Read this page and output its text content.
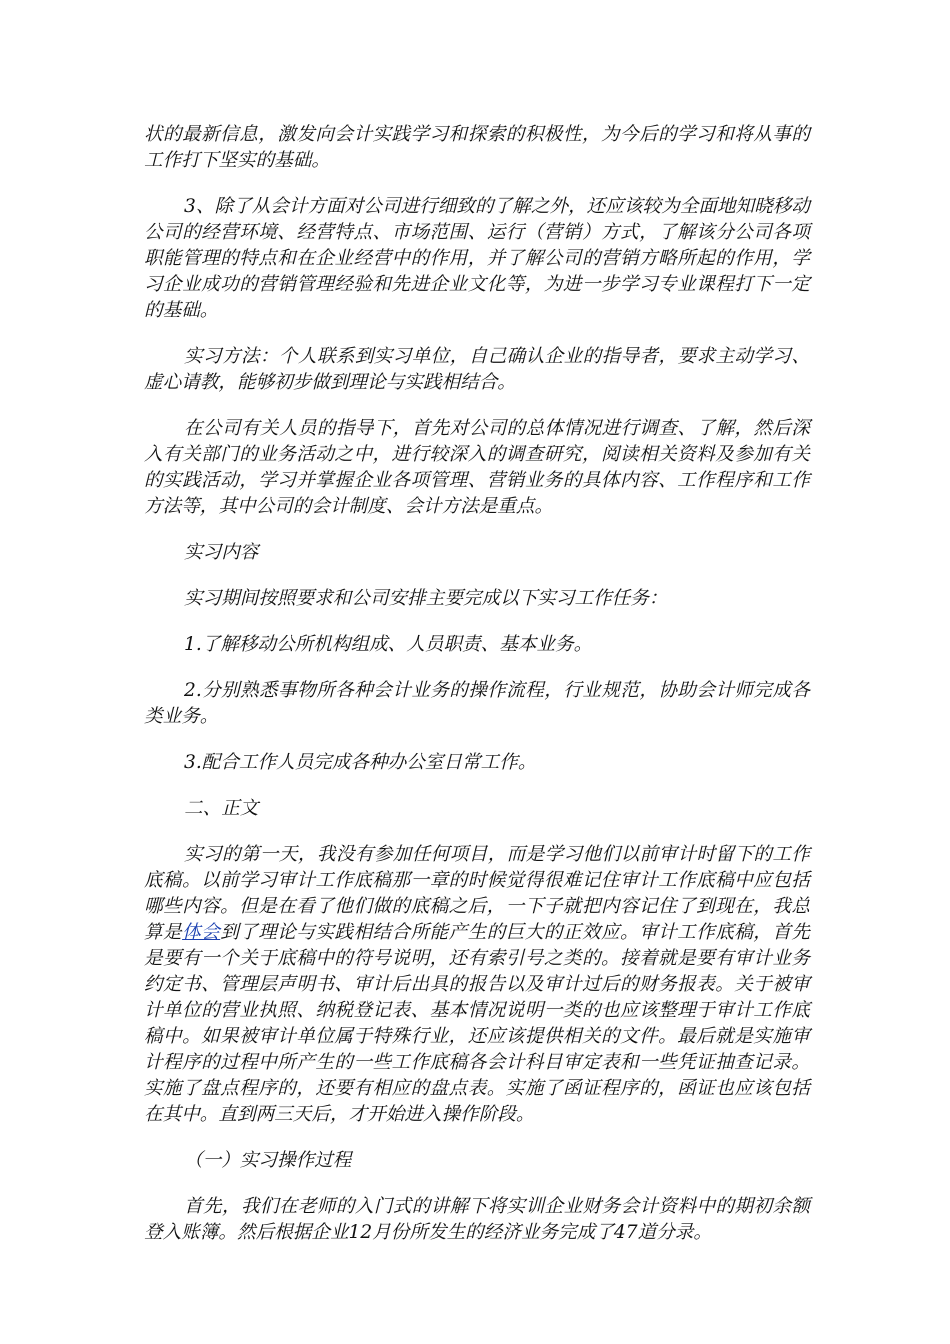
状的最新信息，激发向会计实践学习和探索的积极性，为今后的学习和将从事的工作打下坚实的基础。

3、除了从会计方面对公司进行细致的了解之外，还应该较为全面地知晓移动公司的经营环境、经营特点、市场范围、运行（营销）方式，了解该分公司各项职能管理的特点和在企业经营中的作用，并了解公司的营销方略所起的作用，学习企业成功的营销管理经验和先进企业文化等，为进一步学习专业课程打下一定的基础。

实习方法：个人联系到实习单位，自己确认企业的指导者，要求主动学习、虚心请教，能够初步做到理论与实践相结合。

在公司有关人员的指导下，首先对公司的总体情况进行调查、了解，然后深入有关部门的业务活动之中，进行较深入的调查研究，阅读相关资料及参加有关的实践活动，学习并掌握企业各项管理、营销业务的具体内容、工作程序和工作方法等，其中公司的会计制度、会计方法是重点。

实习内容

实习期间按照要求和公司安排主要完成以下实习工作任务：

1.了解移动公所机构组成、人员职责、基本业务。

2.分别熟悉事物所各种会计业务的操作流程，行业规范，协助会计师完成各类业务。

3.配合工作人员完成各种办公室日常工作。

二、正文

实习的第一天，我没有参加任何项目，而是学习他们以前审计时留下的工作底稿。以前学习审计工作底稿那一章的时候觉得很难记住审计工作底稿中应包括哪些内容。但是在看了他们做的底稿之后，一下子就把内容记住了到现在，我总算是体会到了理论与实践相结合所能产生的巨大的正效应。审计工作底稿，首先是要有一个关于底稿中的符号说明，还有索引号之类的。接着就是要有审计业务约定书、管理层声明书、审计后出具的报告以及审计过后的财务报表。关于被审计单位的营业执照、纳税登记表、基本情况说明一类的也应该整理于审计工作底稿中。如果被审计单位属于特殊行业，还应该提供相关的文件。最后就是实施审计程序的过程中所产生的一些工作底稿各会计科目审定表和一些凭证抽查记录。实施了盘点程序的，还要有相应的盘点表。实施了函证程序的，函证也应该包括在其中。直到两三天后，才开始进入操作阶段。

（一）实习操作过程

首先，我们在老师的入门式的讲解下将实训企业财务会计资料中的期初余额登入账簿。然后根据企业12月份所发生的经济业务完成了47道分录。
